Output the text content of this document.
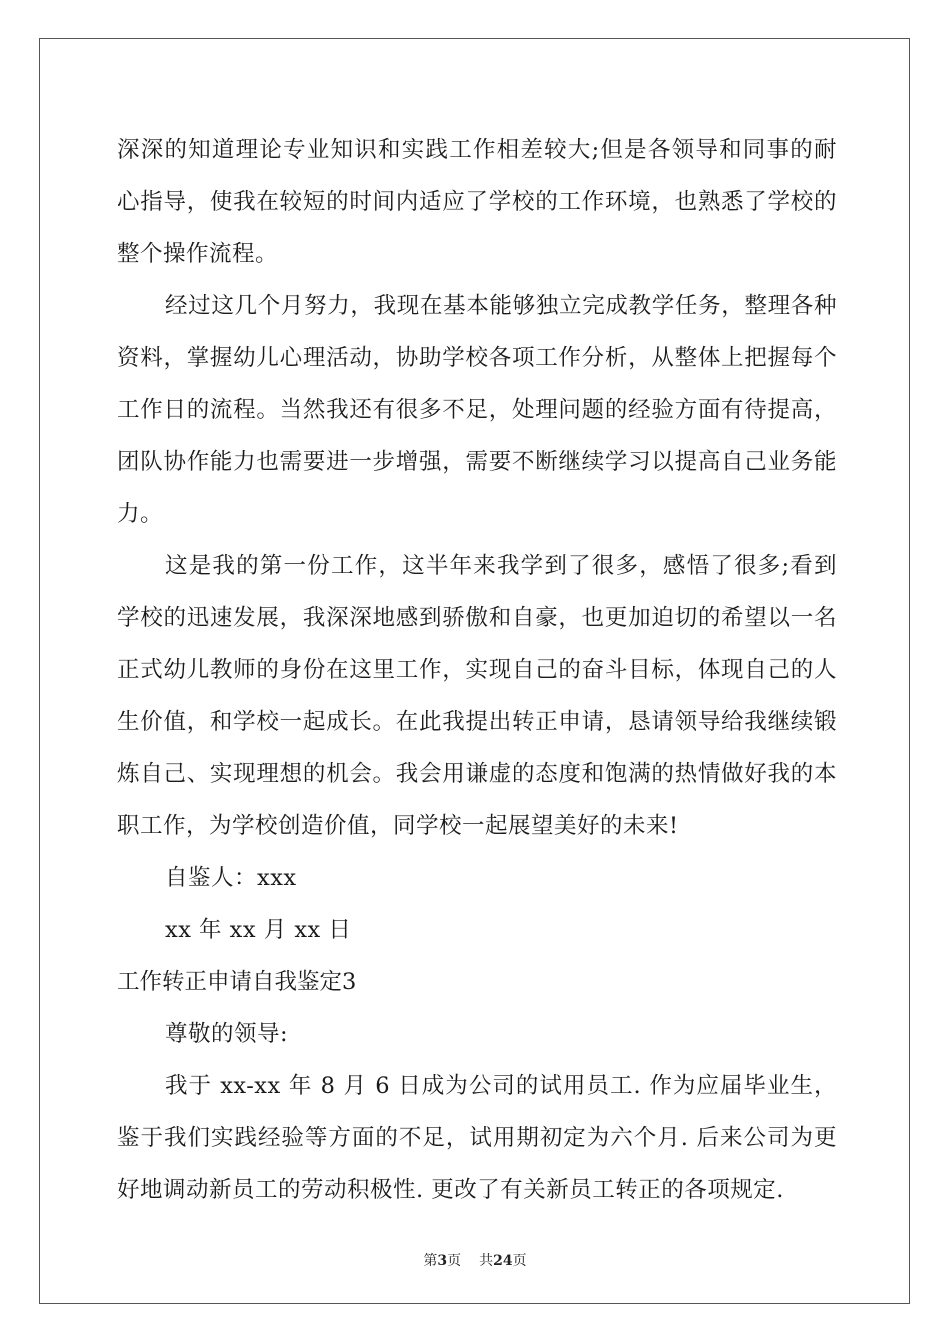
深深的知道理论专业知识和实践工作相差较大;但是各领导和同事的耐心指导，使我在较短的时间内适应了学校的工作环境，也熟悉了学校的整个操作流程。

经过这几个月努力，我现在基本能够独立完成教学任务，整理各种资料，掌握幼儿心理活动，协助学校各项工作分析，从整体上把握每个工作日的流程。当然我还有很多不足，处理问题的经验方面有待提高，团队协作能力也需要进一步增强，需要不断继续学习以提高自己业务能力。

这是我的第一份工作，这半年来我学到了很多，感悟了很多;看到学校的迅速发展，我深深地感到骄傲和自豪，也更加迫切的希望以一名正式幼儿教师的身份在这里工作，实现自己的奋斗目标，体现自己的人生价值，和学校一起成长。在此我提出转正申请，恳请领导给我继续锻炼自己、实现理想的机会。我会用谦虚的态度和饱满的热情做好我的本职工作，为学校创造价值，同学校一起展望美好的未来!

自鉴人：xxx

xx 年 xx 月 xx 日

工作转正申请自我鉴定3

尊敬的领导:

我于 xx-xx 年 8 月 6 日成为公司的试用员工. 作为应届毕业生，鉴于我们实践经验等方面的不足，试用期初定为六个月. 后来公司为更好地调动新员工的劳动积极性. 更改了有关新员工转正的各项规定.

第3页 共24页
